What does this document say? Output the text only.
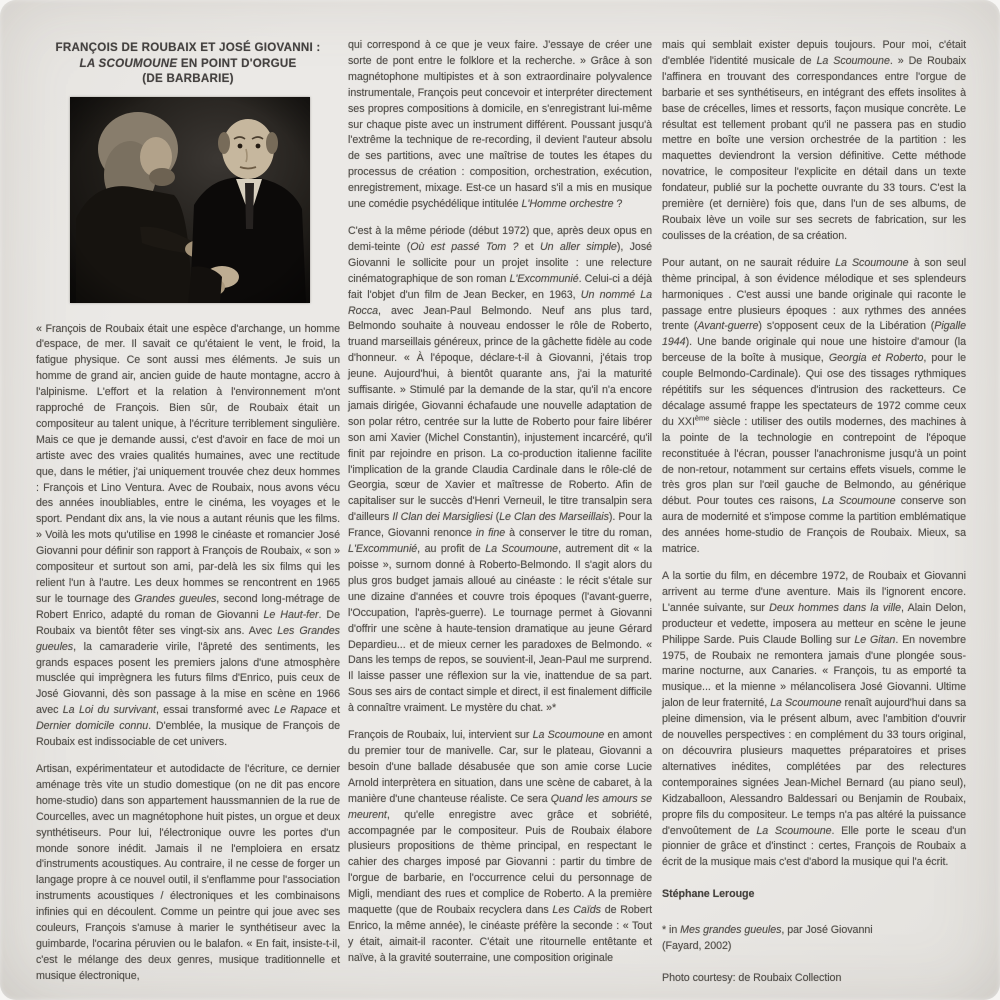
FRANÇOIS DE ROUBAIX ET JOSÉ GIOVANNI :
LA SCOUMOUNE EN POINT D'ORGUE
(DE BARBARIE)

« François de Roubaix était une espèce d'archange, un homme d'espace, de mer. Il savait ce qu'étaient le vent, le froid, la fatigue physique. Ce sont aussi mes éléments. Je suis un homme de grand air, ancien guide de haute montagne, accro à l'alpinisme. L'effort et la relation à l'environnement m'ont rapproché de François. Bien sûr, de Roubaix était un compositeur au talent unique, à l'écriture terriblement singulière. Mais ce que je demande aussi, c'est d'avoir en face de moi un artiste avec des vraies qualités humaines, avec une rectitude que, dans le métier, j'ai uniquement trouvée chez deux hommes : François et Lino Ventura. Avec de Roubaix, nous avons vécu des années inoubliables, entre le cinéma, les voyages et le sport. Pendant dix ans, la vie nous a autant réunis que les films. » Voilà les mots qu'utilise en 1998 le cinéaste et romancier José Giovanni pour définir son rapport à François de Roubaix, « son » compositeur et surtout son ami, par-delà les six films qui les relient l'un à l'autre. Les deux hommes se rencontrent en 1965 sur le tournage des Grandes gueules, second long-métrage de Robert Enrico, adapté du roman de Giovanni Le Haut-fer. De Roubaix va bientôt fêter ses vingt-six ans. Avec Les Grandes gueules, la camaraderie virile, l'âpreté des sentiments, les grands espaces posent les premiers jalons d'une atmosphère musclée qui imprègnera les futurs films d'Enrico, puis ceux de José Giovanni, dès son passage à la mise en scène en 1966 avec La Loi du survivant, essai transformé avec Le Rapace et Dernier domicile connu. D'emblée, la musique de François de Roubaix est indissociable de cet univers.

Artisan, expérimentateur et autodidacte de l'écriture, ce dernier aménage très vite un studio domestique (on ne dit pas encore home-studio) dans son appartement haussmannien de la rue de Courcelles, avec un magnétophone huit pistes, un orgue et deux synthétiseurs. Pour lui, l'électronique ouvre les portes d'un monde sonore inédit. Jamais il ne l'emploiera en ersatz d'instruments acoustiques. Au contraire, il ne cesse de forger un langage propre à ce nouvel outil, il s'enflamme pour l'association instruments acoustiques / électroniques et les combinaisons infinies qui en découlent. Comme un peintre qui joue avec ses couleurs, François s'amuse à marier le synthétiseur avec la guimbarde, l'ocarina péruvien ou le balafon. « En fait, insiste-t-il, c'est le mélange des deux genres, musique traditionnelle et musique électronique,

qui correspond à ce que je veux faire. J'essaye de créer une sorte de pont entre le folklore et la recherche. » Grâce à son magnétophone multipistes et à son extraordinaire polyvalence instrumentale, François peut concevoir et interpréter directement ses propres compositions à domicile, en s'enregistrant lui-même sur chaque piste avec un instrument différent. Poussant jusqu'à l'extrême la technique de re-recording, il devient l'auteur absolu de ses partitions, avec une maîtrise de toutes les étapes du processus de création : composition, orchestration, exécution, enregistrement, mixage. Est-ce un hasard s'il a mis en musique une comédie psychédélique intitulée L'Homme orchestre ?

C'est à la même période (début 1972) que, après deux opus en demi-teinte (Où est passé Tom ? et Un aller simple), José Giovanni le sollicite pour un projet insolite : une relecture cinématographique de son roman L'Excommunié. Celui-ci a déjà fait l'objet d'un film de Jean Becker, en 1963, Un nommé La Rocca, avec Jean-Paul Belmondo. Neuf ans plus tard, Belmondo souhaite à nouveau endosser le rôle de Roberto, truand marseillais généreux, prince de la gâchette fidèle au code d'honneur. « À l'époque, déclare-t-il à Giovanni, j'étais trop jeune. Aujourd'hui, à bientôt quarante ans, j'ai la maturité suffisante. » Stimulé par la demande de la star, qu'il n'a encore jamais dirigée, Giovanni échafaude une nouvelle adaptation de son polar rétro, centrée sur la lutte de Roberto pour faire libérer son ami Xavier (Michel Constantin), injustement incarcéré, qu'il finit par rejoindre en prison. La co-production italienne facilite l'implication de la grande Claudia Cardinale dans le rôle-clé de Georgia, sœur de Xavier et maîtresse de Roberto. Afin de capitaliser sur le succès d'Henri Verneuil, le titre transalpin sera d'ailleurs Il Clan dei Marsigliesi (Le Clan des Marseillais). Pour la France, Giovanni renonce in fine à conserver le titre du roman, L'Excommunié, au profit de La Scoumoune, autrement dit « la poisse », surnom donné à Roberto-Belmondo. Il s'agit alors du plus gros budget jamais alloué au cinéaste : le récit s'étale sur une dizaine d'années et couvre trois époques (l'avant-guerre, l'Occupation, l'après-guerre). Le tournage permet à Giovanni d'offrir une scène à haute-tension dramatique au jeune Gérard Depardieu... et de mieux cerner les paradoxes de Belmondo. « Dans les temps de repos, se souvient-il, Jean-Paul me surprend. Il laisse passer une réflexion sur la vie, inattendue de sa part. Sous ses airs de contact simple et direct, il est finalement difficile à connaître vraiment. Le mystère du chat. »*

François de Roubaix, lui, intervient sur La Scoumoune en amont du premier tour de manivelle. Car, sur le plateau, Giovanni a besoin d'une ballade désabusée que son amie corse Lucie Arnold interprètera en situation, dans une scène de cabaret, à la manière d'une chanteuse réaliste. Ce sera Quand les amours se meurent, qu'elle enregistre avec grâce et sobriété, accompagnée par le compositeur. Puis de Roubaix élabore plusieurs propositions de thème principal, en respectant le cahier des charges imposé par Giovanni : partir du timbre de l'orgue de barbarie, en l'occurrence celui du personnage de Migli, mendiant des rues et complice de Roberto. A la première maquette (que de Roubaix recyclera dans Les Caïds de Robert Enrico, la même année), le cinéaste préfère la seconde : « Tout y était, aimait-il raconter. C'était une ritournelle entêtante et naïve, à la gravité souterraine, une composition originale

mais qui semblait exister depuis toujours. Pour moi, c'était d'emblée l'identité musicale de La Scoumoune. » De Roubaix l'affinera en trouvant des correspondances entre l'orgue de barbarie et ses synthétiseurs, en intégrant des effets insolites à base de crécelles, limes et ressorts, façon musique concrète. Le résultat est tellement probant qu'il ne passera pas en studio mettre en boîte une version orchestrée de la partition : les maquettes deviendront la version définitive. Cette méthode novatrice, le compositeur l'explicite en détail dans un texte fondateur, publié sur la pochette ouvrante du 33 tours. C'est la première (et dernière) fois que, dans l'un de ses albums, de Roubaix lève un voile sur ses secrets de fabrication, sur les coulisses de la création, de sa création.

Pour autant, on ne saurait réduire La Scoumoune à son seul thème principal, à son évidence mélodique et ses splendeurs harmoniques . C'est aussi une bande originale qui raconte le passage entre plusieurs époques : aux rythmes des années trente (Avant-guerre) s'opposent ceux de la Libération (Pigalle 1944). Une bande originale qui noue une histoire d'amour (la berceuse de la boîte à musique, Georgia et Roberto, pour le couple Belmondo-Cardinale). Qui ose des tissages rythmiques répétitifs sur les séquences d'intrusion des racketteurs. Ce décalage assumé frappe les spectateurs de 1972 comme ceux du XXIème siècle : utiliser des outils modernes, des machines à la pointe de la technologie en contrepoint de l'époque reconstituée à l'écran, pousser l'anachronisme jusqu'à un point de non-retour, notamment sur certains effets visuels, comme le très gros plan sur l'œil gauche de Belmondo, au générique début. Pour toutes ces raisons, La Scoumoune conserve son aura de modernité et s'impose comme la partition emblématique des années home-studio de François de Roubaix. Mieux, sa matrice.

A la sortie du film, en décembre 1972, de Roubaix et Giovanni arrivent au terme d'une aventure. Mais ils l'ignorent encore. L'année suivante, sur Deux hommes dans la ville, Alain Delon, producteur et vedette, imposera au metteur en scène le jeune Philippe Sarde. Puis Claude Bolling sur Le Gitan. En novembre 1975, de Roubaix ne remontera jamais d'une plongée sous-marine nocturne, aux Canaries. « François, tu as emporté ta musique... et la mienne » mélancolisera José Giovanni. Ultime jalon de leur fraternité, La Scoumoune renaît aujourd'hui dans sa pleine dimension, via le présent album, avec l'ambition d'ouvrir de nouvelles perspectives : en complément du 33 tours original, on découvrira plusieurs maquettes préparatoires et prises alternatives inédites, complétées par des relectures contemporaines signées Jean-Michel Bernard (au piano seul), Kidzaballoon, Alessandro Baldessari ou Benjamin de Roubaix, propre fils du compositeur. Le temps n'a pas altéré la puissance d'envoûtement de La Scoumoune. Elle porte le sceau d'un pionnier de grâce et d'instinct : certes, François de Roubaix a écrit de la musique mais c'est d'abord la musique qui l'a écrit.

Stéphane Lerouge

* in Mes grandes gueules, par José Giovanni
(Fayard, 2002)

Photo courtesy: de Roubaix Collection
